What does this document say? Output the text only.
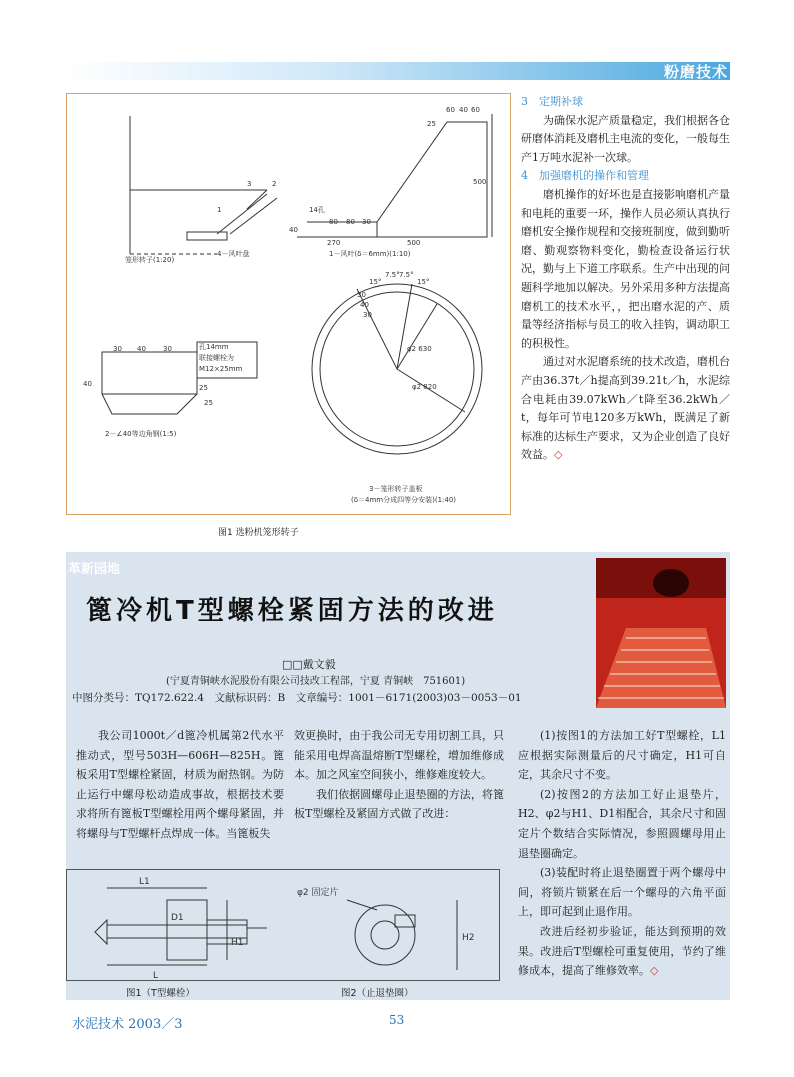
粉磨技术
笼形转子(1:20)
4－风叶盘
1
2
3
1－风叶(δ＝6mm)(1:10)
60 40 60
25
500
14孔
80 80 30
40
270	500
15°
7.5° 7.5°
15°
30
40
30
φ2 630
φ2 820
孔14mm
联接螺栓为
M12×25mm
30 40 30
40	25
25
2－∠40等边角钢(1:5)
3－笼形转子盖板
(δ＝4mm分成四等分安装)(1:40)
图1 选粉机笼形转子
3　定期补球

为确保水泥产质量稳定，我们根据各仓研磨体消耗及磨机主电流的变化，一般每生产1万吨水泥补一次球。

4　加强磨机的操作和管理

磨机操作的好坏也是直接影响磨机产量和电耗的重要一环，操作人员必须认真执行磨机安全操作规程和交接班制度，做到勤听磨、勤观察物料变化，勤检查设备运行状况，勤与上下道工序联系。生产中出现的问题科学地加以解决。另外采用多种方法提高磨机工的技术水平，，把出磨水泥的产、质量等经济指标与员工的收入挂钩，调动职工的积极性。

通过对水泥磨系统的技术改造，磨机台产由36.37t／h提高到39.21t／h，水泥综合电耗由39.07kWh／t降至36.2kWh／t，每年可节电120多万kWh，既满足了新标准的达标生产要求，又为企业创造了良好效益。◇

革新园地
篦冷机T型螺栓紧固方法的改进
□□戴文毅
(宁夏青铜峡水泥股份有限公司技改工程部，宁夏 青铜峡　751601)
中图分类号：TQ172.622.4　文献标识码：B　文章编号：1001－6171(2003)03－0053－01

我公司1000t／d篦冷机属第2代水平推动式，型号503H—606H—825H。篦板采用T型螺栓紧固，材质为耐热钢。为防止运行中螺母松动造成事故，根据技术要求将所有篦板T型螺栓用两个螺母紧固，并将螺母与T型螺杆点焊成一体。当篦板失

效更换时，由于我公司无专用切割工具，只能采用电焊高温熔断T型螺栓，增加维修成本。加之风室空间狭小，维修难度较大。

我们依据圆螺母止退垫圈的方法，将篦板T型螺栓及紧固方式做了改进：

(1)按图1的方法加工好T型螺栓，L1应根据实际测量后的尺寸确定，H1可自定，其余尺寸不变。

(2)按图2的方法加工好止退垫片，H2、φ2与H1、D1相配合，其余尺寸和固定片个数结合实际情况，参照圆螺母用止退垫圈确定。

(3)装配时将止退垫圈置于两个螺母中间，将锁片锁紧在后一个螺母的六角平面上，即可起到止退作用。

改进后经初步验证，能达到预期的效果。改进后T型螺栓可重复使用，节约了维修成本，提高了维修效率。◇

L1
L
H1
D1
φ2 固定片
H2
图1（T型螺栓）	图2（止退垫圈）
水泥技术 2003／3	53
